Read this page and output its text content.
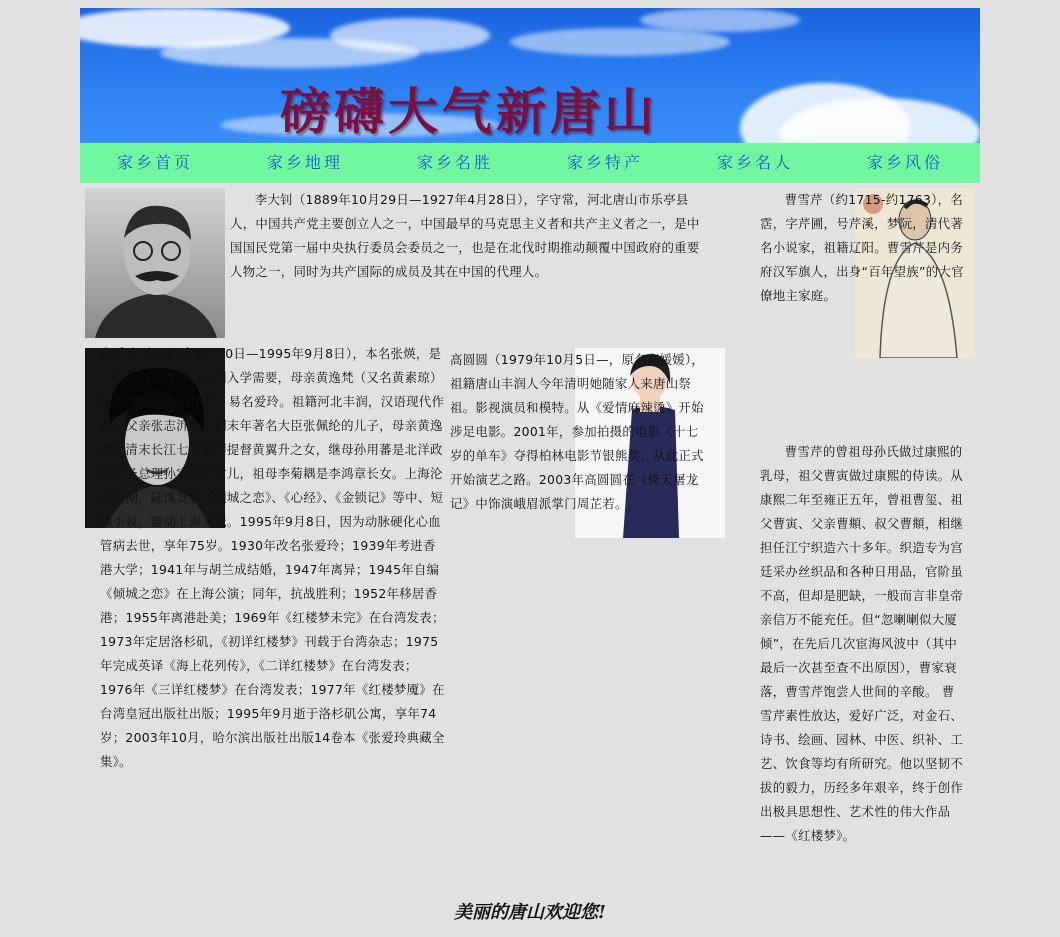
磅礴大气新唐山
家乡首页	家乡地理	家乡名胜	家乡特产	家乡名人	家乡风俗
李大钊（1889年10月29日—1927年4月28日），字守常，河北唐山市乐亭县人，中国共产党主要创立人之一，中国最早的马克思主义者和共产主义者之一，是中国国民党第一届中央执行委员会委员之一，也是在北伐时期推动颠覆中国政府的重要人物之一，同时为共产国际的成员及其在中国的代理人。
张爱玲（1920年9月30日—1995年9月8日），本名张煐，是一位著名女作家，后因入学需要，母亲黄逸梵（又名黄素琼）以英文名Eileen译音，易名爱玲。祖籍河北丰润，汉语现代作家。父亲张志沂为清朝末年著名大臣张佩纶的儿子，母亲黄逸梵是清末长江七省水师提督黄翼升之女，继母孙用蕃是北洋政府国务总理孙宝琦的女儿，祖母李菊耦是李鸿章长女。上海沦陷时期，陆续发表《倾城之恋》、《心经》、《金锁记》等中、短篇小说，震动上海文坛。1995年9月8日，因为动脉硬化心血管病去世，享年75岁。1930年改名张爱玲；1939年考进香港大学；1941年与胡兰成结婚，1947年离异；1945年自编《倾城之恋》在上海公演；同年，抗战胜利；1952年移居香港；1955年离港赴美；1969年《红楼梦未完》在台湾发表；1973年定居洛杉矶，《初详红楼梦》刊载于台湾杂志；1975年完成英译《海上花列传》，《二详红楼梦》在台湾发表；1976年《三详红楼梦》在台湾发表；1977年《红楼梦魇》在台湾皇冠出版社出版；1995年9月逝于洛杉矶公寓，享年74岁；2003年10月，哈尔滨出版社出版14卷本《张爱玲典藏全集》。
高圆圆（1979年10月5日—，原名高媛媛），祖籍唐山丰润人今年清明她随家人来唐山祭祖。影视演员和模特。从《爱情麻辣烫》开始涉足电影。2001年，参加拍摄的电影《十七岁的单车》夺得柏林电影节银熊奖，从此正式开始演艺之路。2003年高圆圆在《倚天屠龙记》中饰演峨眉派掌门周芷若。
曹雪芹（约1715-约1763），名霑，字芹圃，号芹溪，梦阮，清代著名小说家，祖籍辽阳。曹雪芹是内务府汉军旗人，出身“百年望族”的大官僚地主家庭。
曹雪芹的曾祖母孙氏做过康熙的乳母，祖父曹寅做过康熙的侍读。从康熙二年至雍正五年，曾祖曹玺、祖父曹寅、父亲曹頫、叔父曹頫，相继担任江宁织造六十多年。织造专为宫廷采办丝织品和各种日用品，官阶虽不高，但却是肥缺，一般而言非皇帝亲信万不能充任。但“忽喇喇似大厦倾”，在先后几次宦海风波中（其中最后一次甚至查不出原因），曹家衰落，曹雪芹饱尝人世间的辛酸。 曹雪芹素性放达，爱好广泛，对金石、诗书、绘画、园林、中医、织补、工艺、饮食等均有所研究。他以坚韧不拔的毅力，历经多年艰辛，终于创作出极具思想性、艺术性的伟大作品——《红楼梦》。
美丽的唐山欢迎您!
